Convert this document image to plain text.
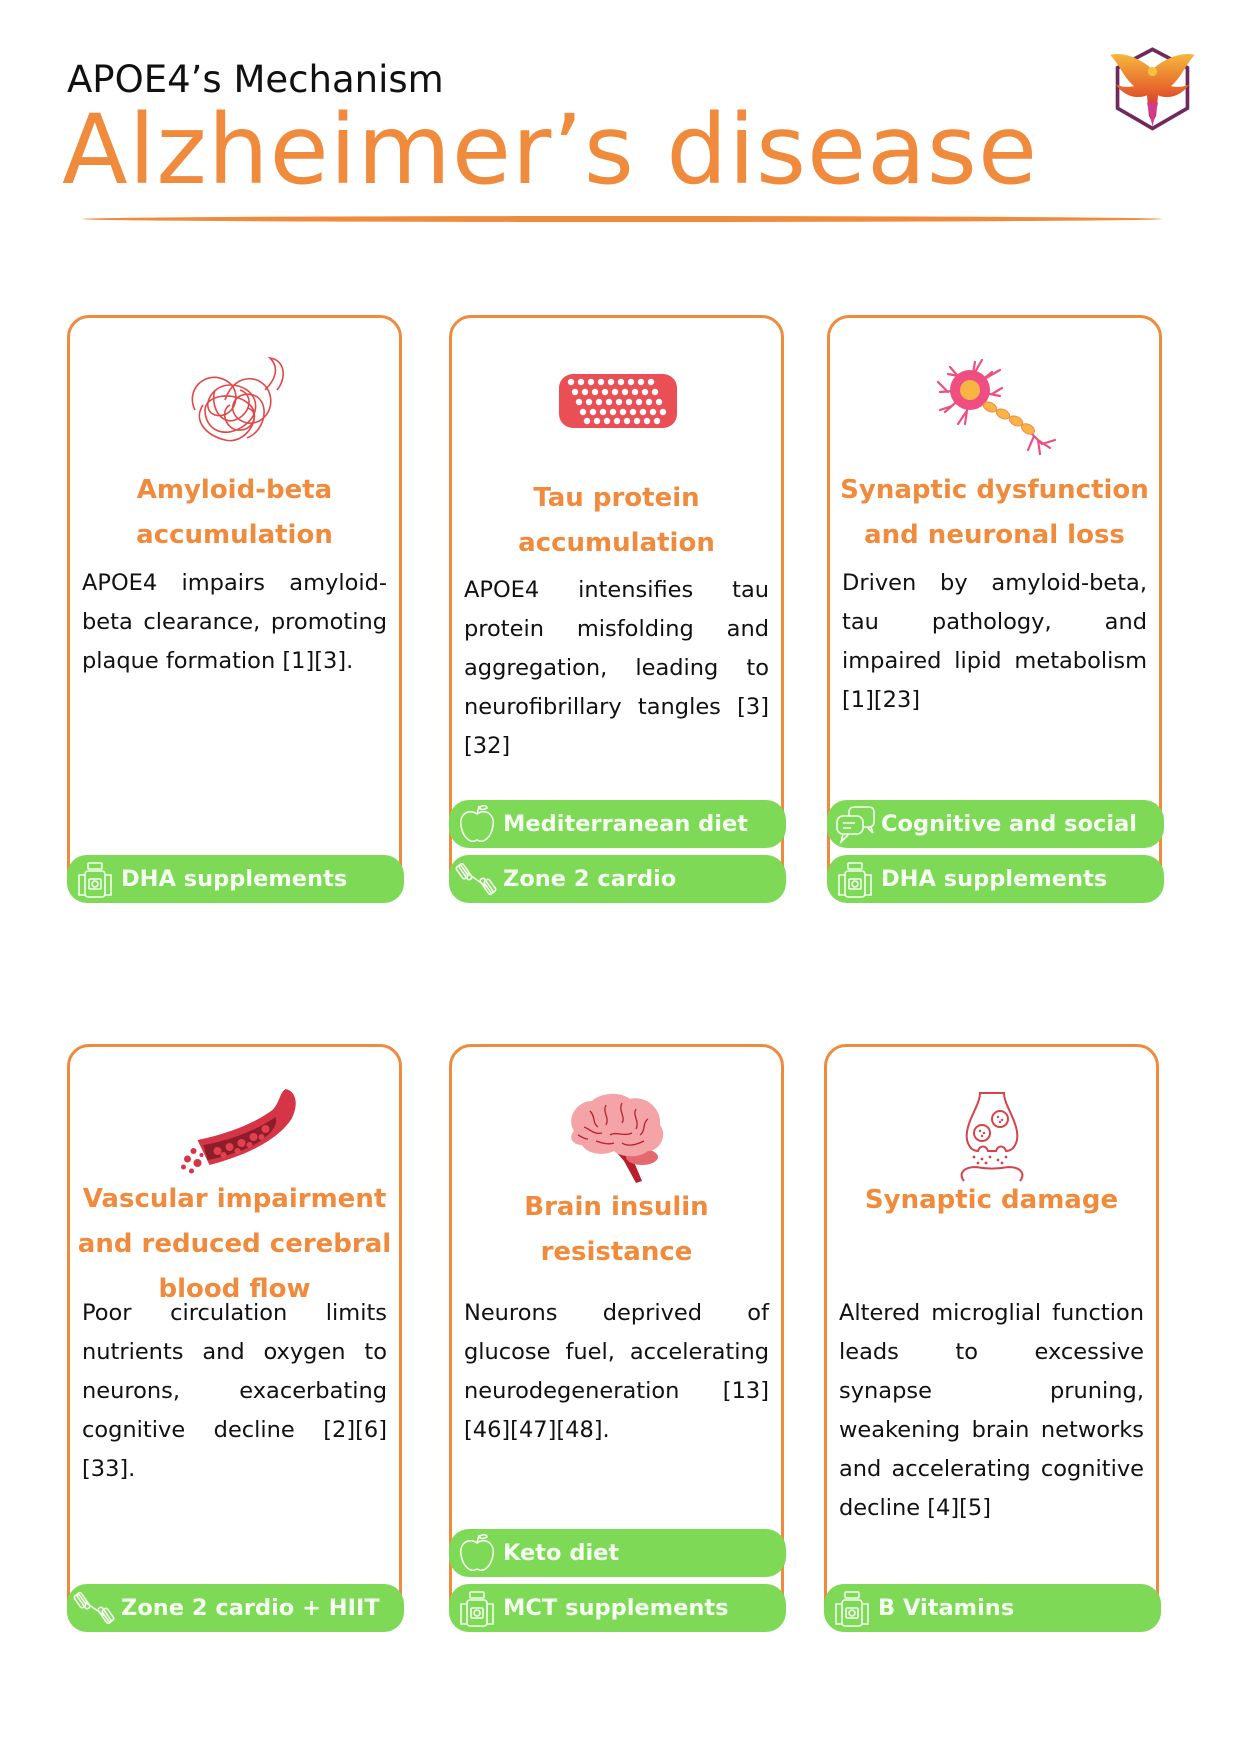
APOE4’s Mechanism
Alzheimer’s disease
Amyloid-beta
accumulation
APOE4 impairs amyloid-beta clearance, promoting plaque formation [1][3].
DHA supplements
Tau protein
accumulation
APOE4 intensifies tau protein misfolding and aggregation, leading to neurofibrillary tangles [3][32]
Mediterranean diet
Zone 2 cardio
Synaptic dysfunction
and neuronal loss
Driven by amyloid-beta, tau pathology, and impaired lipid metabolism [1][23]
Cognitive and social
DHA supplements
Vascular impairment
and reduced cerebral
blood flow
Poor circulation limits nutrients and oxygen to neurons, exacerbating cognitive decline [2][6][33].
Zone 2 cardio + HIIT
Brain insulin
resistance
Neurons deprived of glucose fuel, accelerating neurodegeneration [13][46][47][48].
Keto diet
MCT supplements
Synaptic damage
Altered microglial function leads to excessive synapse pruning, weakening brain networks and accelerating cognitive decline [4][5]
B Vitamins
